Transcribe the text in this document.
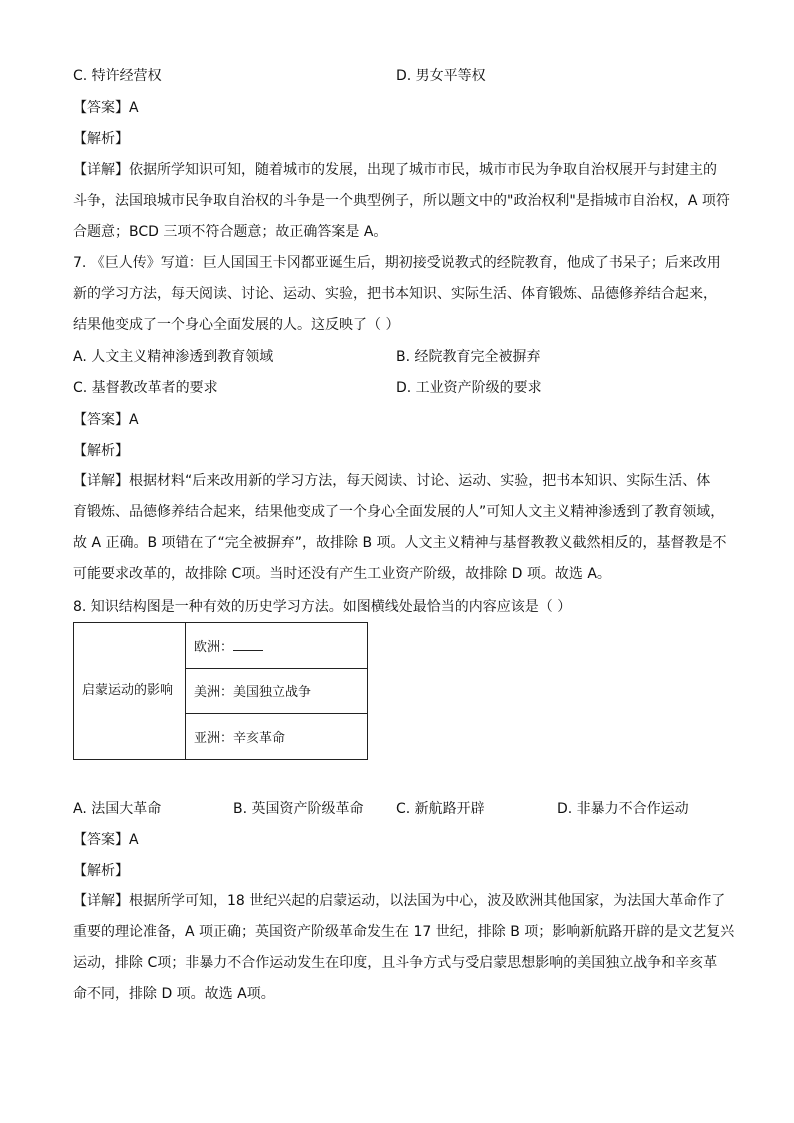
C. 特许经营权	D. 男女平等权
【答案】A
【解析】
【详解】依据所学知识可知，随着城市的发展，出现了城市市民，城市市民为争取自治权展开与封建主的
斗争，法国琅城市民争取自治权的斗争是一个典型例子，所以题文中的"政治权利"是指城市自治权，A 项符
合题意；BCD 三项不符合题意；故正确答案是 A。
7. 《巨人传》写道：巨人国国王卡冈都亚诞生后，期初接受说教式的经院教育，他成了书呆子；后来改用
新的学习方法，每天阅读、讨论、运动、实验，把书本知识、实际生活、体育锻炼、品德修养结合起来，
结果他变成了一个身心全面发展的人。这反映了（ ）
A. 人文主义精神渗透到教育领域	B. 经院教育完全被摒弃
C. 基督教改革者的要求	D. 工业资产阶级的要求
【答案】A
【解析】
【详解】根据材料“后来改用新的学习方法，每天阅读、讨论、运动、实验，把书本知识、实际生活、体
育锻炼、品德修养结合起来，结果他变成了一个身心全面发展的人”可知人文主义精神渗透到了教育领域，
故 A 正确。B 项错在了“完全被摒弃”，故排除 B 项。人文主义精神与基督教教义截然相反的，基督教是不
可能要求改革的，故排除 C项。当时还没有产生工业资产阶级，故排除 D 项。故选 A。
8. 知识结构图是一种有效的历史学习方法。如图横线处最恰当的内容应该是（ ）
启蒙运动的影响	欧洲：
美洲：美国独立战争
亚洲：辛亥革命
A. 法国大革命	B. 英国资产阶级革命 C. 新航路开辟	D. 非暴力不合作运动
【答案】A
【解析】
【详解】根据所学可知，18 世纪兴起的启蒙运动，以法国为中心，波及欧洲其他国家，为法国大革命作了
重要的理论准备，A 项正确；英国资产阶级革命发生在 17 世纪，排除 B 项；影响新航路开辟的是文艺复兴
运动，排除 C项；非暴力不合作运动发生在印度，且斗争方式与受启蒙思想影响的美国独立战争和辛亥革
命不同，排除 D 项。故选 A项。
